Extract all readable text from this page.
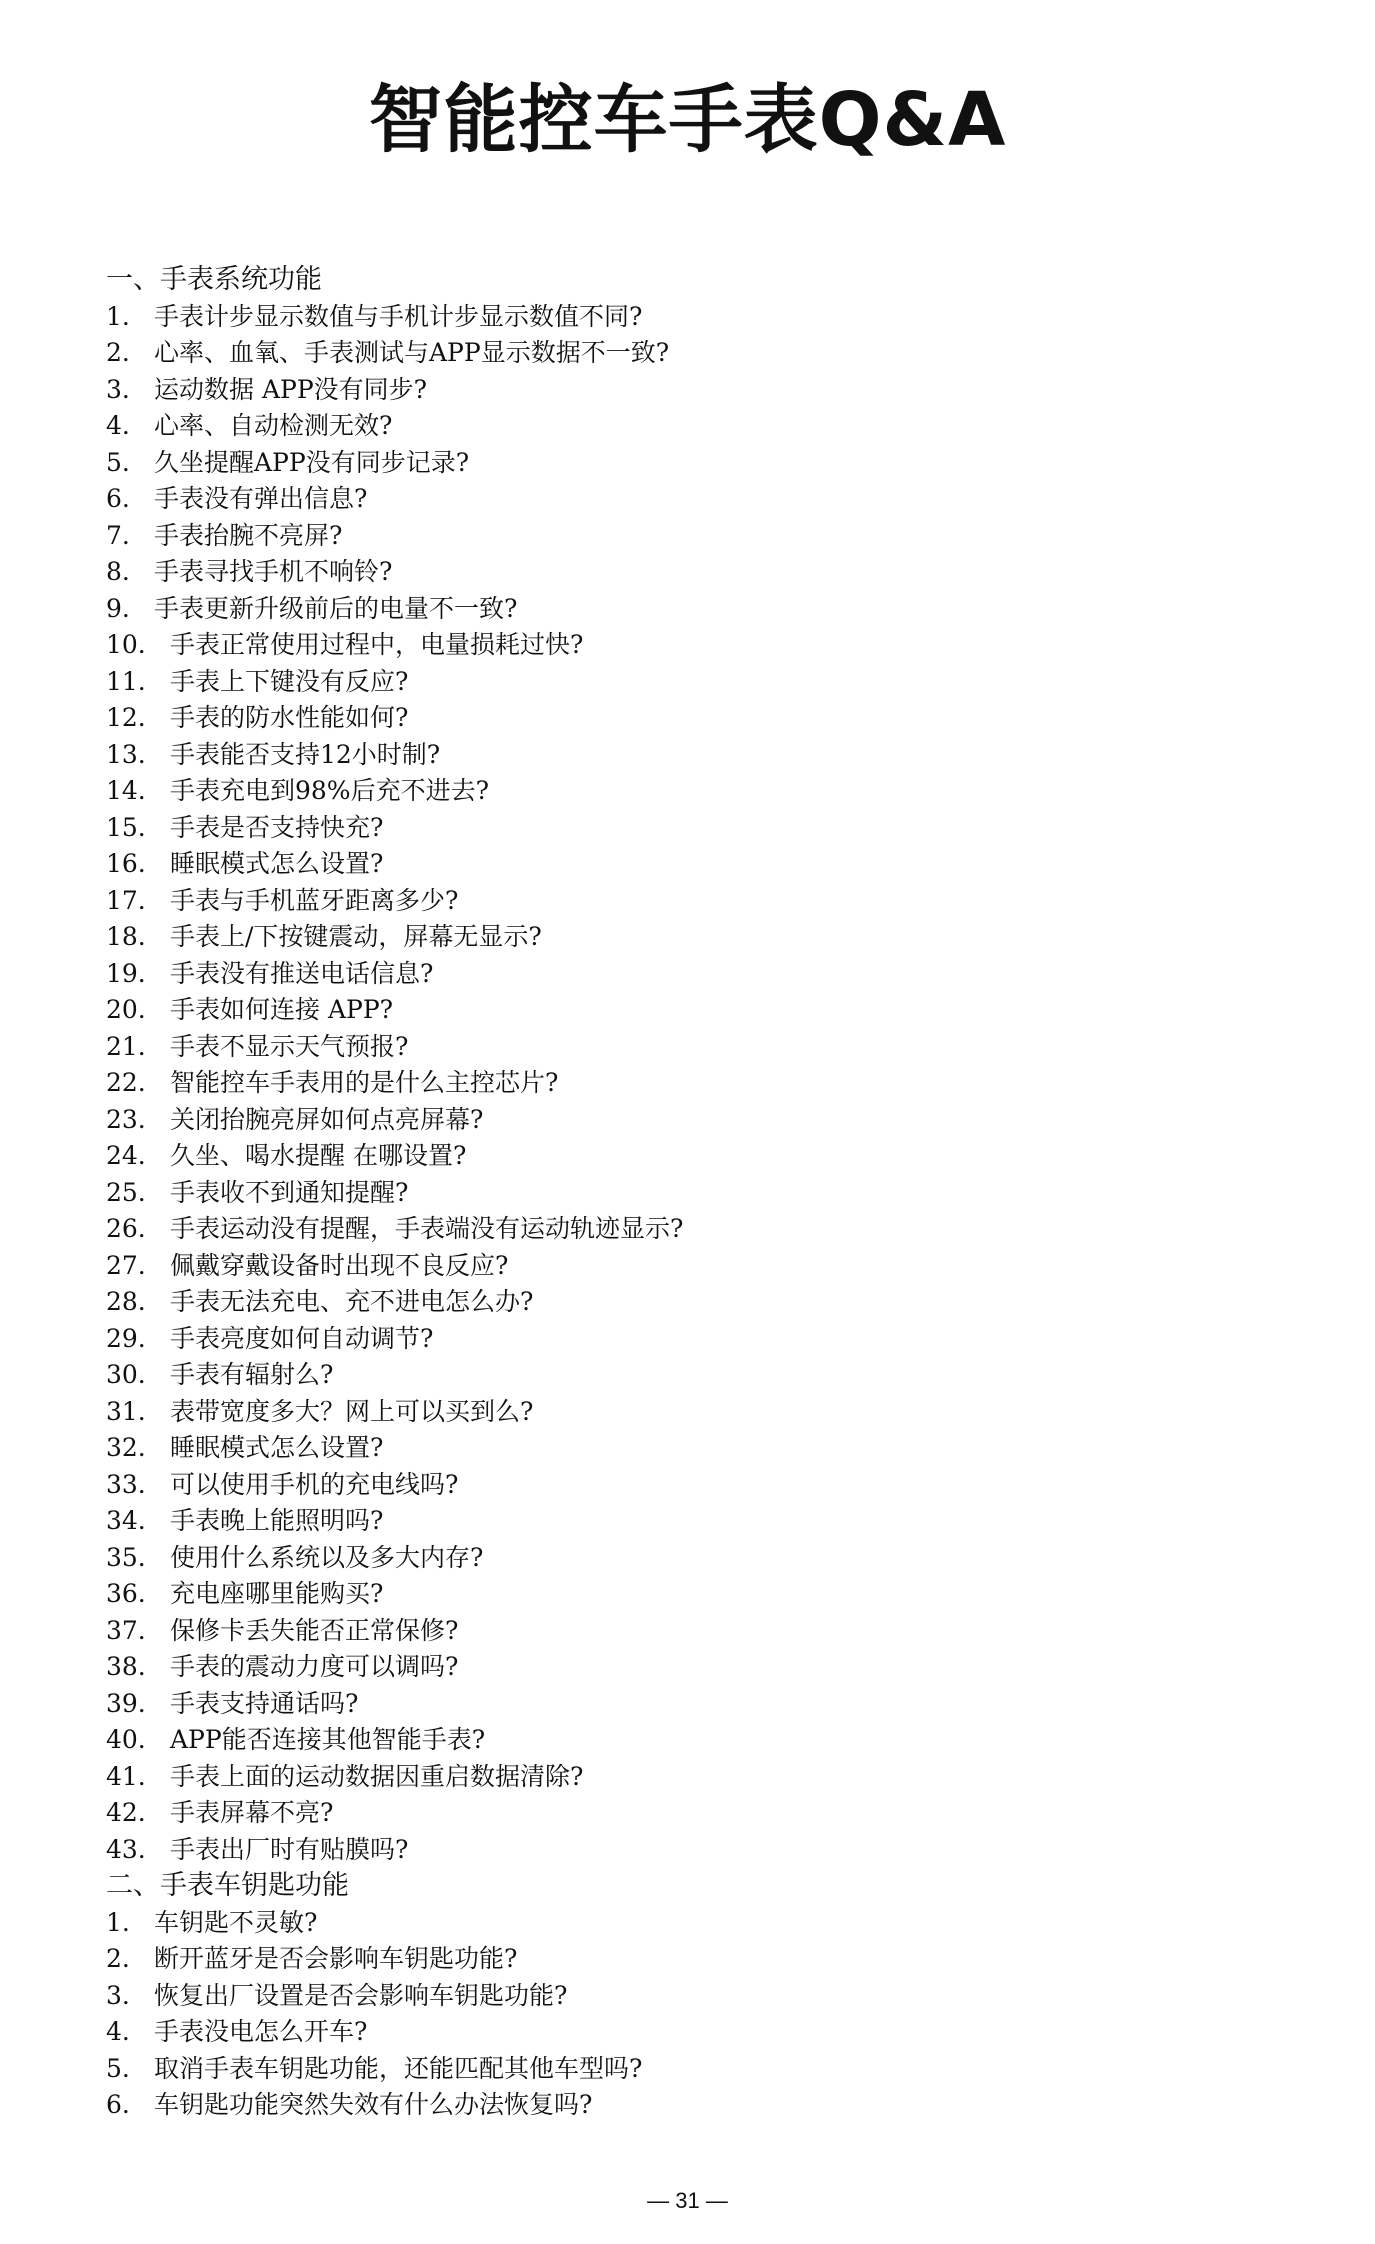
智能控车手表Q&A
一、手表系统功能
1. 手表计步显示数值与手机计步显示数值不同?
2. 心率、血氧、手表测试与APP显示数据不一致?
3. 运动数据 APP没有同步?
4. 心率、自动检测无效?
5. 久坐提醒APP没有同步记录?
6. 手表没有弹出信息?
7. 手表抬腕不亮屏?
8. 手表寻找手机不响铃?
9. 手表更新升级前后的电量不一致?
10. 手表正常使用过程中，电量损耗过快?
11. 手表上下键没有反应?
12. 手表的防水性能如何?
13. 手表能否支持12小时制?
14. 手表充电到98%后充不进去?
15. 手表是否支持快充?
16. 睡眠模式怎么设置?
17. 手表与手机蓝牙距离多少?
18. 手表上/下按键震动，屏幕无显示?
19. 手表没有推送电话信息?
20. 手表如何连接 APP?
21. 手表不显示天气预报?
22. 智能控车手表用的是什么主控芯片?
23. 关闭抬腕亮屏如何点亮屏幕?
24. 久坐、喝水提醒 在哪设置?
25. 手表收不到通知提醒?
26. 手表运动没有提醒，手表端没有运动轨迹显示?
27. 佩戴穿戴设备时出现不良反应?
28. 手表无法充电、充不进电怎么办?
29. 手表亮度如何自动调节?
30. 手表有辐射么?
31. 表带宽度多大？网上可以买到么?
32. 睡眠模式怎么设置?
33. 可以使用手机的充电线吗?
34. 手表晚上能照明吗?
35. 使用什么系统以及多大内存?
36. 充电座哪里能购买?
37. 保修卡丢失能否正常保修?
38. 手表的震动力度可以调吗?
39. 手表支持通话吗?
40. APP能否连接其他智能手表?
41. 手表上面的运动数据因重启数据清除?
42. 手表屏幕不亮?
43. 手表出厂时有贴膜吗?
二、手表车钥匙功能
1. 车钥匙不灵敏?
2. 断开蓝牙是否会影响车钥匙功能?
3. 恢复出厂设置是否会影响车钥匙功能?
4. 手表没电怎么开车?
5. 取消手表车钥匙功能，还能匹配其他车型吗?
6. 车钥匙功能突然失效有什么办法恢复吗?
— 31 —
